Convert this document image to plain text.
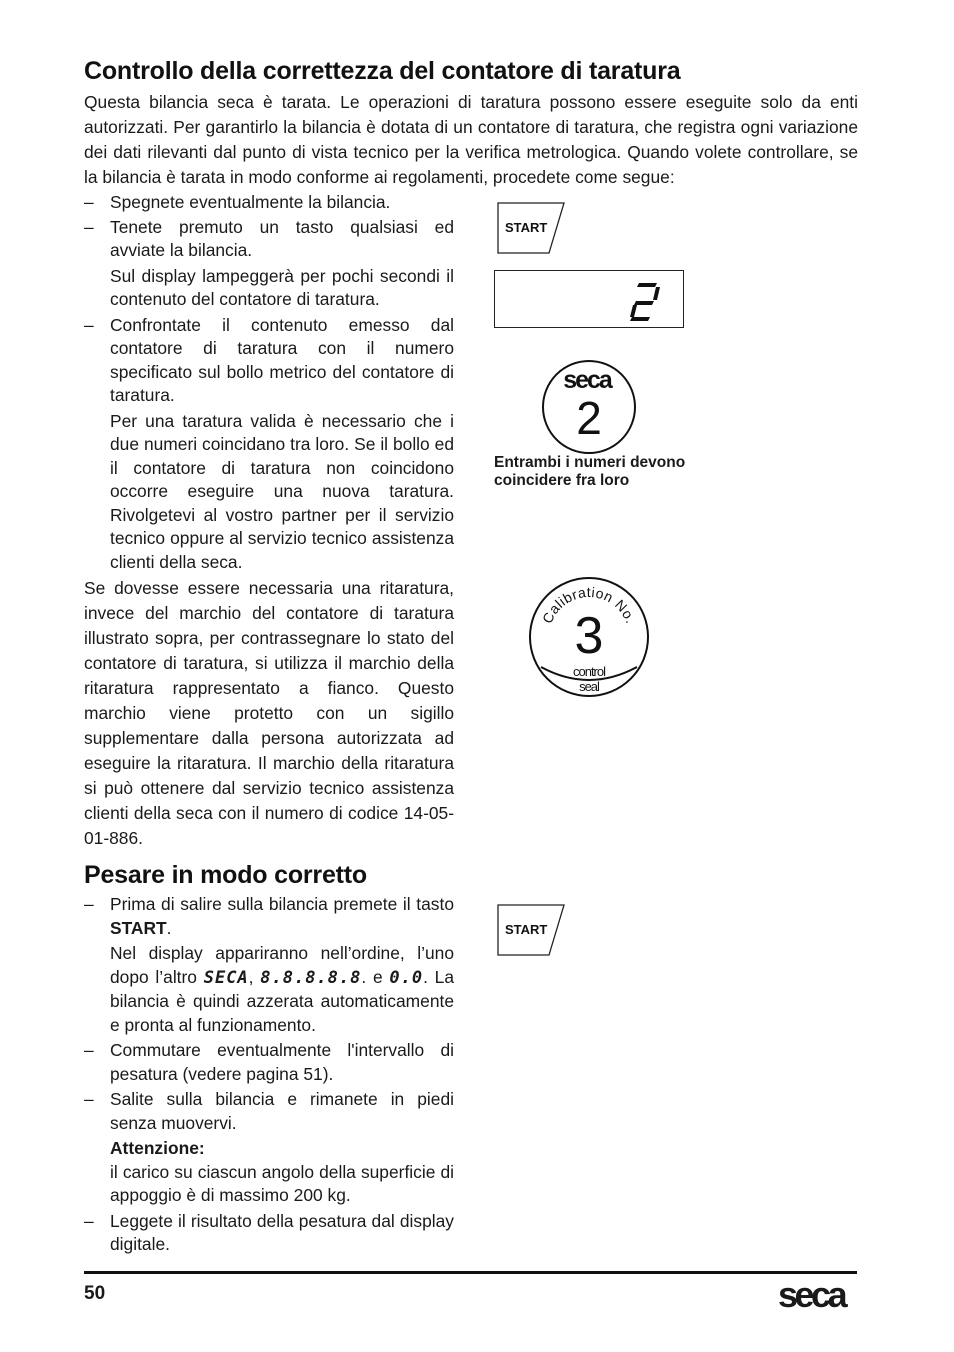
Controllo della correttezza del contatore di taratura
Questa bilancia seca è tarata. Le operazioni di taratura possono essere eseguite solo da enti autorizzati. Per garantirlo la bilancia è dotata di un contatore di taratura, che registra ogni variazione dei dati rilevanti dal punto di vista tecnico per la verifica metrologica. Quando volete controllare, se la bilancia è tarata in modo conforme ai regolamenti, procedete come segue:
– Spegnete eventualmente la bilancia.
– Tenete premuto un tasto qualsiasi ed avviate la bilancia.
Sul display lampeggerà per pochi secondi il contenuto del contatore di taratura.
– Confrontate il contenuto emesso dal contatore di taratura con il numero specificato sul bollo metrico del contatore di taratura.
Per una taratura valida è necessario che i due numeri coincidano tra loro. Se il bollo ed il contatore di taratura non coincidono occorre eseguire una nuova taratura. Rivolgetevi al vostro partner per il servizio tecnico oppure al servizio tecnico assistenza clienti della seca.
Se dovesse essere necessaria una ritaratura, invece del marchio del contatore di taratura illustrato sopra, per contrassegnare lo stato del contatore di taratura, si utilizza il marchio della ritaratura rappresentato a fianco. Questo marchio viene protetto con un sigillo supplementare dalla persona autorizzata ad eseguire la ritaratura. Il marchio della ritaratura si può ottenere dal servizio tecnico assistenza clienti della seca con il numero di codice 14-05-01-886.
START
seca
2
Entrambi i numeri devono coincidere fra loro
Calibration No.
3
control
seal
Pesare in modo corretto
– Prima di salire sulla bilancia premete il tasto START.
Nel display appariranno nell’ordine, l’uno dopo l’altro SECA, 8.8.8.8.8. e 0.0. La bilancia è quindi azzerata automaticamente e pronta al funzionamento.
– Commutare eventualmente l'intervallo di pesatura (vedere pagina 51).
– Salite sulla bilancia e rimanete in piedi senza muovervi.
Attenzione:
il carico su ciascun angolo della superficie di appoggio è di massimo 200 kg.
– Leggete il risultato della pesatura dal display digitale.
START
50	seca
